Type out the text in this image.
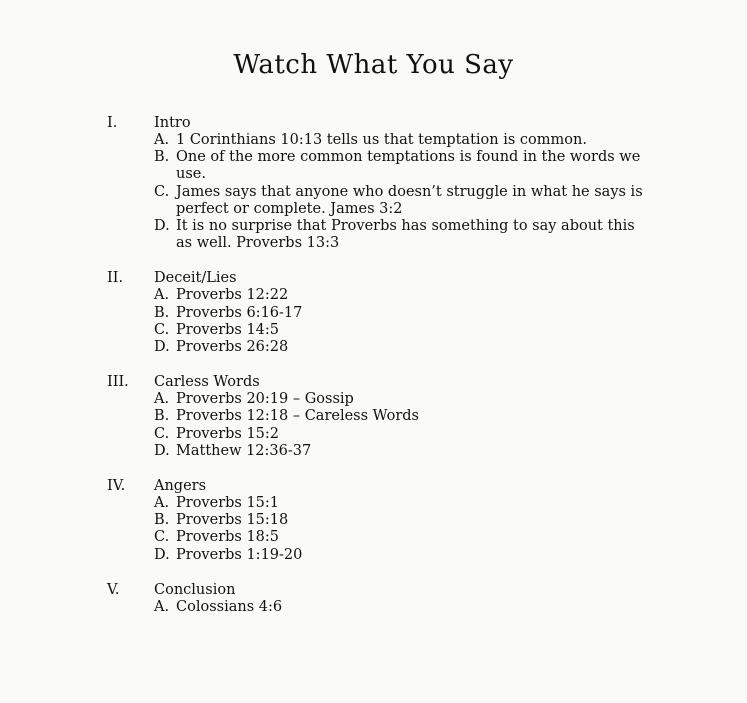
Watch What You Say
I.	Intro
A. 1 Corinthians 10:13 tells us that temptation is common.
B. One of the more common temptations is found in the words we use.
C. James says that anyone who doesn’t struggle in what he says is perfect or complete. James 3:2
D. It is no surprise that Proverbs has something to say about this as well. Proverbs 13:3
II. Deceit/Lies
A. Proverbs 12:22
B. Proverbs 6:16-17
C. Proverbs 14:5
D. Proverbs 26:28
III. Carless Words
A. Proverbs 20:19 – Gossip
B. Proverbs 12:18 – Careless Words
C. Proverbs 15:2
D. Matthew 12:36-37
IV. Angers
A. Proverbs 15:1
B. Proverbs 15:18
C. Proverbs 18:5
D. Proverbs 1:19-20
V. Conclusion
A. Colossians 4:6
